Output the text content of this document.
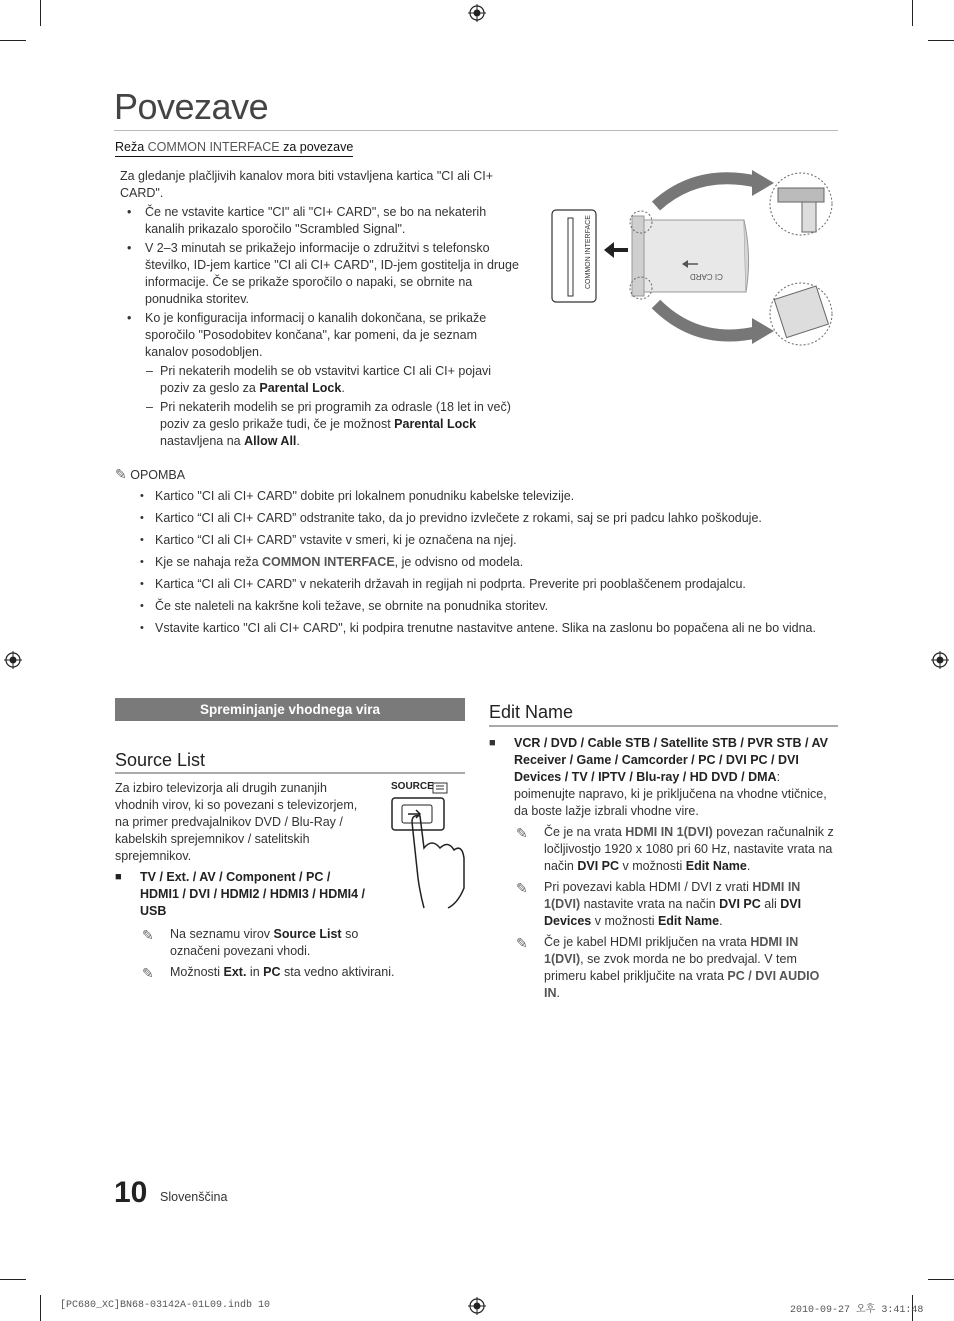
Povezave
Reža COMMON INTERFACE za povezave
Za gledanje plačljivih kanalov mora biti vstavljena kartica "CI ali CI+ CARD".
• Če ne vstavite kartice "CI" ali "CI+ CARD", se bo na nekaterih kanalih prikazalo sporočilo "Scrambled Signal".
• V 2–3 minutah se prikažejo informacije o združitvi s telefonsko številko, ID-jem kartice "CI ali CI+ CARD", ID-jem gostitelja in druge informacije. Če se prikaže sporočilo o napaki, se obrnite na ponudnika storitev.
• Ko je konfiguracija informacij o kanalih dokončana, se prikaže sporočilo "Posodobitev končana", kar pomeni, da je seznam kanalov posodobljen.
– Pri nekaterih modelih se ob vstavitvi kartice CI ali CI+ pojavi poziv za geslo za Parental Lock.
– Pri nekaterih modelih se pri programih za odrasle (18 let in več) poziv za geslo prikaže tudi, če je možnost Parental Lock nastavljena na Allow All.
COMMON INTERFACE	CI CARD
✎ OPOMBA
• Kartico "CI ali CI+ CARD" dobite pri lokalnem ponudniku kabelske televizije.
• Kartico “CI ali CI+ CARD” odstranite tako, da jo previdno izvlečete z rokami, saj se pri padcu lahko poškoduje.
• Kartico “CI ali CI+ CARD” vstavite v smeri, ki je označena na njej.
• Kje se nahaja reža COMMON INTERFACE, je odvisno od modela.
• Kartica “CI ali CI+ CARD” v nekaterih državah in regijah ni podprta. Preverite pri pooblaščenem prodajalcu.
• Če ste naleteli na kakršne koli težave, se obrnite na ponudnika storitev.
• Vstavite kartico "CI ali CI+ CARD", ki podpira trenutne nastavitve antene. Slika na zaslonu bo popačena ali ne bo vidna.
Spreminjanje vhodnega vira
Source List
Za izbiro televizorja ali drugih zunanjih vhodnih virov, ki so povezani s televizorjem, na primer predvajalnikov DVD / Blu-Ray / kabelskih sprejemnikov / satelitskih sprejemnikov.
SOURCE
■ TV / Ext. / AV / Component / PC / HDMI1 / DVI / HDMI2 / HDMI3 / HDMI4 / USB
✎ Na seznamu virov Source List so označeni povezani vhodi.
✎ Možnosti Ext. in PC sta vedno aktivirani.
Edit Name
■ VCR / DVD / Cable STB / Satellite STB / PVR STB / AV Receiver / Game / Camcorder / PC / DVI PC / DVI Devices / TV / IPTV / Blu-ray / HD DVD / DMA: poimenujte napravo, ki je priključena na vhodne vtičnice, da boste lažje izbrali vhodne vire.
✎ Če je na vrata HDMI IN 1(DVI) povezan računalnik z ločljivostjo 1920 x 1080 pri 60 Hz, nastavite vrata na način DVI PC v možnosti Edit Name.
✎ Pri povezavi kabla HDMI / DVI z vrati HDMI IN 1(DVI) nastavite vrata na način DVI PC ali DVI Devices v možnosti Edit Name.
✎ Če je kabel HDMI priključen na vrata HDMI IN 1(DVI), se zvok morda ne bo predvajal. V tem primeru kabel priključite na vrata PC / DVI AUDIO IN.
10 Slovenščina
[PC680_XC]BN68-03142A-01L09.indb 10	2010-09-27 오후 3:41:48
